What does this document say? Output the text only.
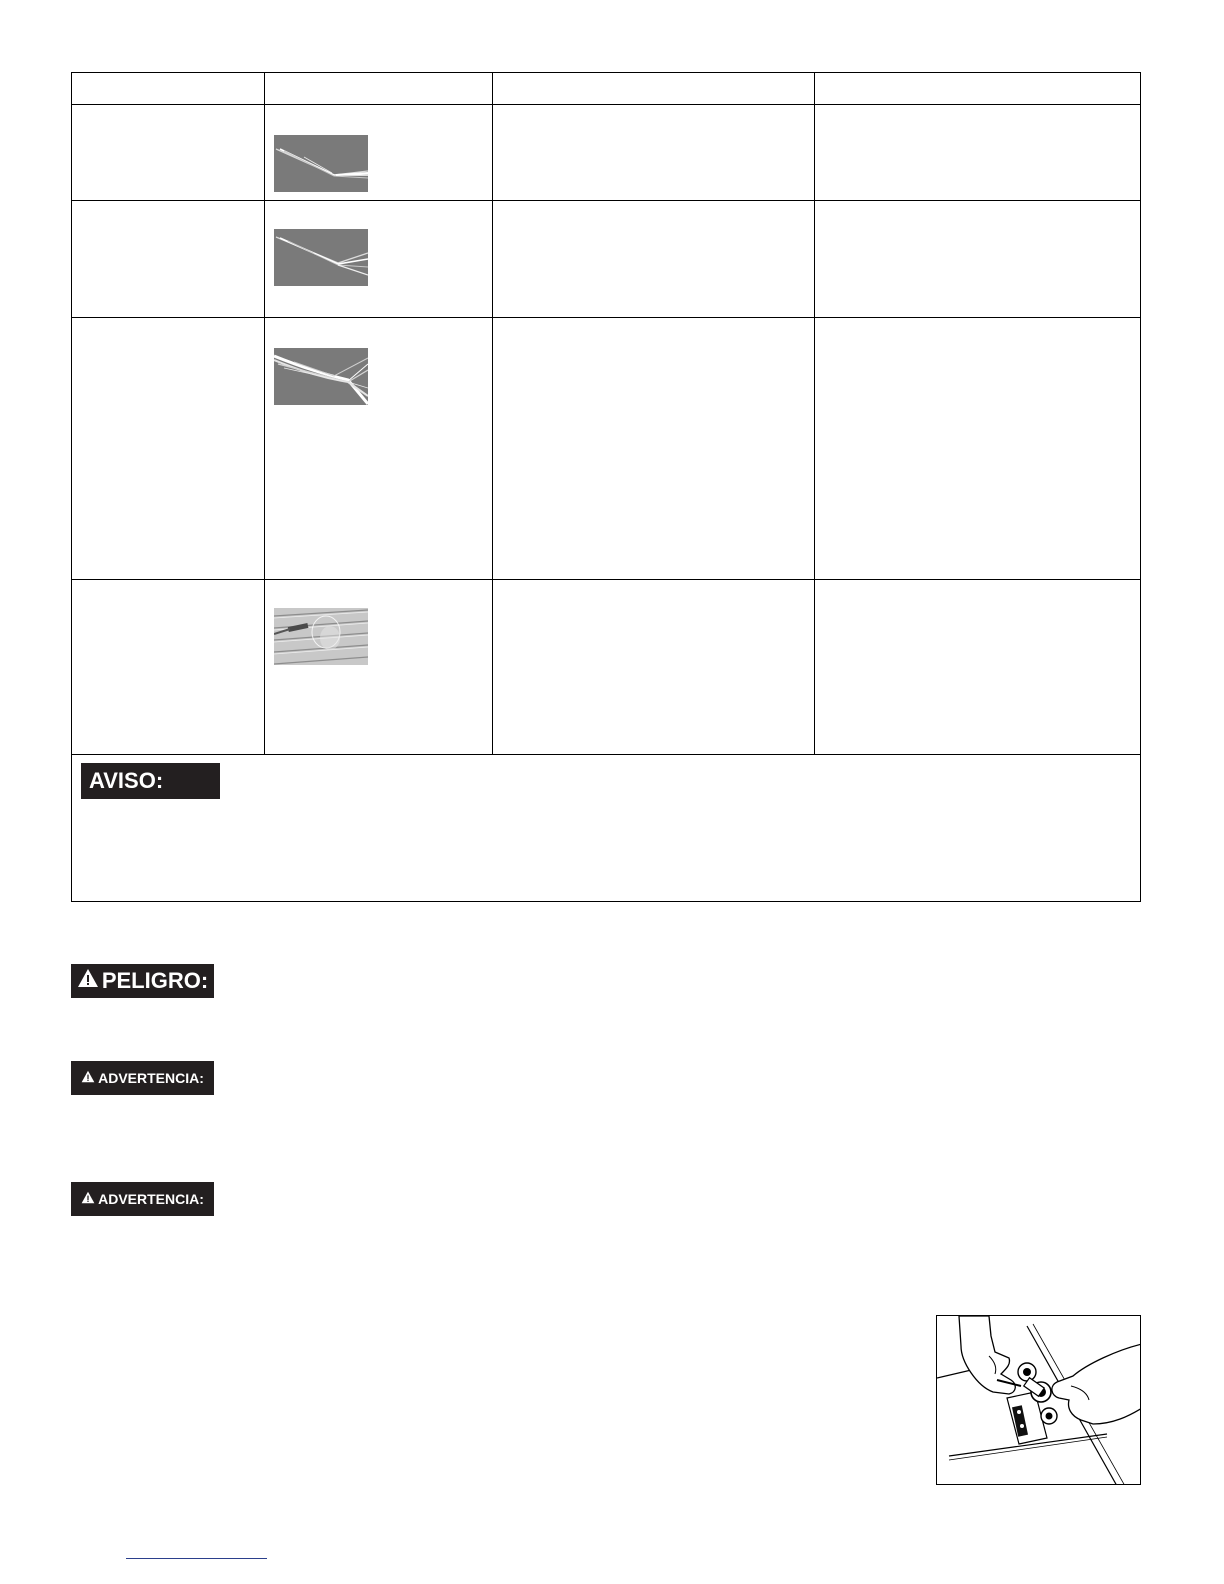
AVISO:
PELIGRO:
ADVERTENCIA:
ADVERTENCIA:
